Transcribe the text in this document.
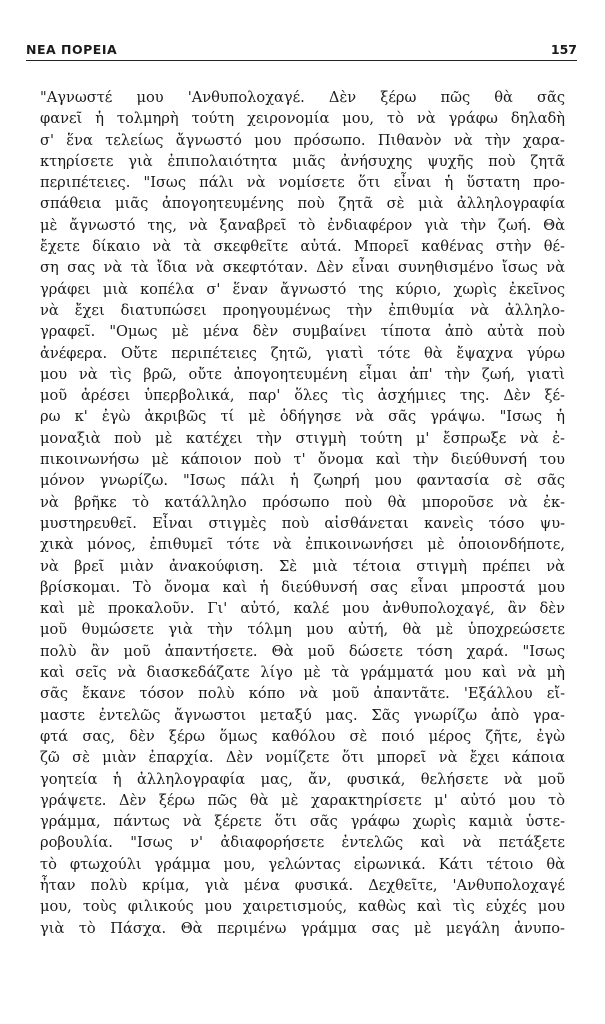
ΝΕΑ ΠΟΡΕΙΑ	157
"Αγνωστέ μου 'Ανθυπολοχαγέ. Δὲν ξέρω πῶς θὰ σᾶς
φανεῖ ἡ τολμηρὴ τούτη χειρονομία μου, τὸ νὰ γράφω δηλαδὴ
σ' ἕνα τελείως ἄγνωστό μου πρόσωπο. Πιθανὸν νὰ τὴν χαρα-
κτηρίσετε γιὰ ἐπιπολαιότητα μιᾶς ἀνήσυχης ψυχῆς ποὺ ζητᾶ
περιπέτειες. "Ισως πάλι νὰ νομίσετε ὅτι εἶναι ἡ ὕστατη προ-
σπάθεια μιᾶς ἀπογοητευμένης ποὺ ζητᾶ σὲ μιὰ ἀλληλογραφία
μὲ ἄγνωστό της, νὰ ξαναβρεῖ τὸ ἐνδιαφέρον γιὰ τὴν ζωή. Θὰ
ἔχετε δίκαιο νὰ τὰ σκεφθεῖτε αὐτά. Μπορεῖ καθένας στὴν θέ-
ση σας νὰ τὰ ἴδια νὰ σκεφτόταν. Δὲν εἶναι συνηθισμένο ἴσως νὰ
γράφει μιὰ κοπέλα σ' ἕναν ἄγνωστό της κύριο, χωρὶς ἐκεῖνος
νὰ ἔχει διατυπώσει προηγουμένως τὴν ἐπιθυμία νὰ ἀλληλο-
γραφεῖ. "Ομως μὲ μένα δὲν συμβαίνει τίποτα ἀπὸ αὐτὰ ποὺ
ἀνέφερα. Οὔτε περιπέτειες ζητῶ, γιατὶ τότε θὰ ἔψαχνα γύρω
μου νὰ τὶς βρῶ, οὔτε ἀπογοητευμένη εἶμαι ἀπ' τὴν ζωή, γιατὶ
μοῦ ἀρέσει ὑπερβολικά, παρ' ὅλες τὶς ἀσχήμιες της. Δὲν ξέ-
ρω κ' ἐγὼ ἀκριβῶς τί μὲ ὁδήγησε νὰ σᾶς γράψω. "Ισως ἡ
μοναξιὰ ποὺ μὲ κατέχει τὴν στιγμὴ τούτη μ' ἔσπρωξε νὰ ἐ-
πικοινωνήσω μὲ κάποιον ποὺ τ' ὄνομα καὶ τὴν διεύθυνσή του
μόνον γνωρίζω. "Ισως πάλι ἡ ζωηρή μου φαντασία σὲ σᾶς
νὰ βρῆκε τὸ κατάλληλο πρόσωπο ποὺ θὰ μποροῦσε νὰ ἐκ-
μυστηρευθεῖ. Εἶναι στιγμὲς ποὺ αἰσθάνεται κανεὶς τόσο ψυ-
χικὰ μόνος, ἐπιθυμεῖ τότε νὰ ἐπικοινωνήσει μὲ ὁποιονδήποτε,
νὰ βρεῖ μιὰν ἀνακούφιση. Σὲ μιὰ τέτοια στιγμὴ πρέπει νὰ
βρίσκομαι. Τὸ ὄνομα καὶ ἡ διεύθυνσή σας εἶναι μπροστά μου
καὶ μὲ προκαλοῦν. Γι' αὐτό, καλέ μου ἀνθυπολοχαγέ, ἂν δὲν
μοῦ θυμώσετε γιὰ τὴν τόλμη μου αὐτή, θὰ μὲ ὑποχρεώσετε
πολὺ ἂν μοῦ ἀπαντήσετε. Θὰ μοῦ δώσετε τόση χαρά. "Ισως
καὶ σεῖς νὰ διασκεδάζατε λίγο μὲ τὰ γράμματά μου καὶ νὰ μὴ
σᾶς ἔκανε τόσον πολὺ κόπο νὰ μοῦ ἀπαντᾶτε. 'Εξάλλου εἴ-
μαστε ἐντελῶς ἄγνωστοι μεταξύ μας. Σᾶς γνωρίζω ἀπὸ γρα-
φτά σας, δὲν ξέρω ὅμως καθόλου σὲ ποιό μέρος ζῆτε, ἐγὼ
ζῶ σὲ μιὰν ἐπαρχία. Δὲν νομίζετε ὅτι μπορεῖ νὰ ἔχει κάποια
γοητεία ἡ ἀλληλογραφία μας, ἄν, φυσικά, θελήσετε νὰ μοῦ
γράψετε. Δὲν ξέρω πῶς θὰ μὲ χαρακτηρίσετε μ' αὐτό μου τὸ
γράμμα, πάντως νὰ ξέρετε ὅτι σᾶς γράφω χωρὶς καμιὰ ὑστε-
ροβουλία. "Ισως ν' ἀδιαφορήσετε ἐντελῶς καὶ νὰ πετάξετε
τὸ φτωχούλι γράμμα μου, γελώντας εἰρωνικά. Κάτι τέτοιο θὰ
ἦταν πολὺ κρίμα, γιὰ μένα φυσικά. Δεχθεῖτε, 'Ανθυπολοχαγέ
μου, τοὺς φιλικούς μου χαιρετισμούς, καθὼς καὶ τὶς εὐχές μου
γιὰ τὸ Πάσχα. Θὰ περιμένω γράμμα σας μὲ μεγάλη ἀνυπο-
